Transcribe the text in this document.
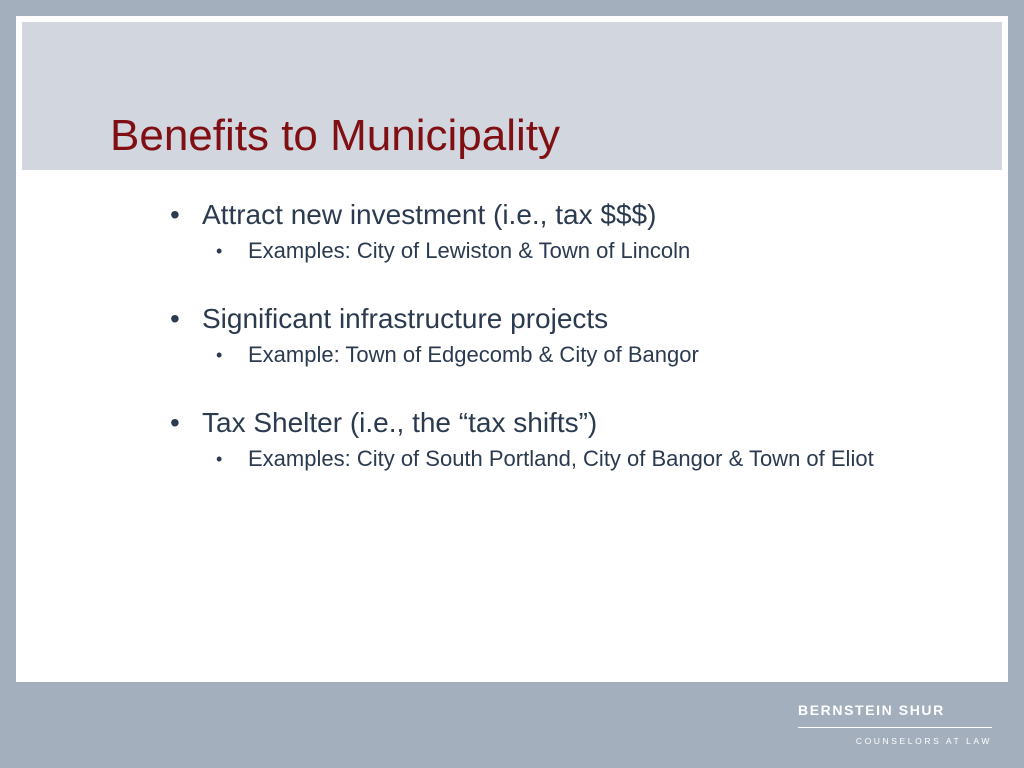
Benefits to Municipality
• Attract new investment (i.e., tax $$$)
•	Examples: City of Lewiston & Town of Lincoln
• Significant infrastructure projects
•	Example: Town of Edgecomb & City of Bangor
• Tax Shelter (i.e., the “tax shifts”)
•	Examples: City of South Portland, City of Bangor & Town of Eliot
BERNSTEIN SHUR
COUNSELORS AT LAW
